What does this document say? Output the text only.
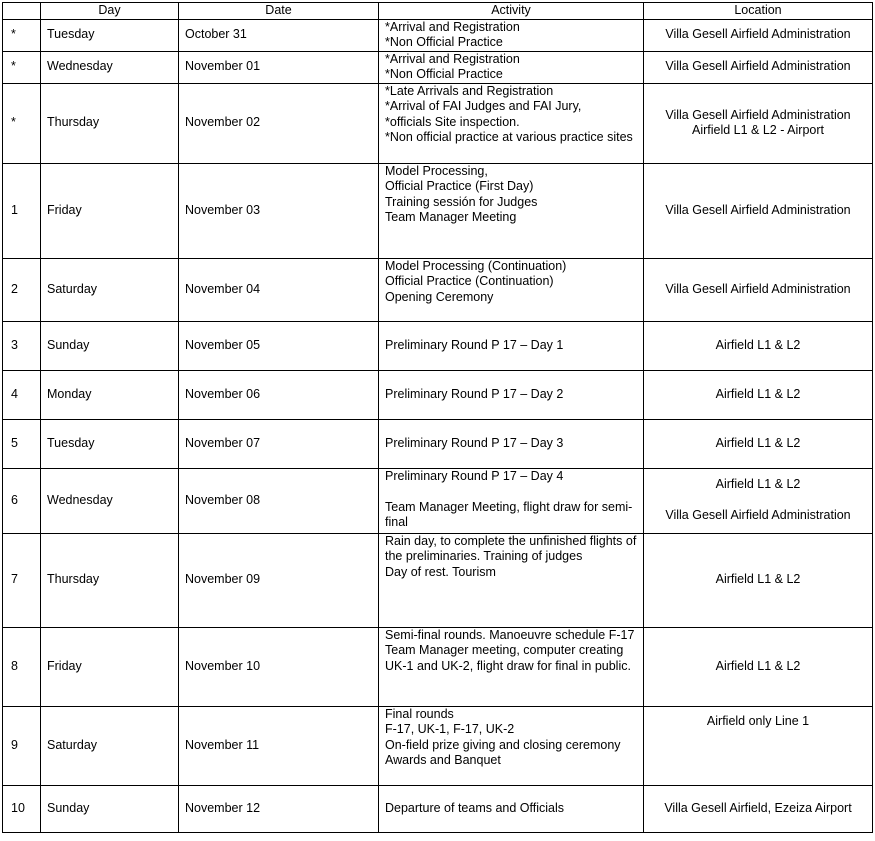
	Day	Date	Activity	Location
*	Tuesday	October 31	*Arrival and Registration
*Non Official Practice	Villa Gesell Airfield Administration
*	Wednesday	November 01	*Arrival and Registration
*Non Official Practice	Villa Gesell Airfield Administration
*	Thursday	November 02	*Late Arrivals and Registration
*Arrival of FAI Judges and FAI Jury,
*officials Site inspection.
*Non official practice at various practice sites	Villa Gesell Airfield Administration
Airfield L1 & L2 - Airport
1	Friday	November 03	Model Processing,
Official Practice (First Day)
Training sessión for Judges
Team Manager Meeting	Villa Gesell Airfield Administration
2	Saturday	November 04	Model Processing (Continuation)
Official Practice (Continuation)
Opening Ceremony	Villa Gesell Airfield Administration
3	Sunday	November 05	Preliminary Round P 17 – Day 1	Airfield L1 & L2
4	Monday	November 06	Preliminary Round P 17 – Day 2	Airfield L1 & L2
5	Tuesday	November 07	Preliminary Round P 17 – Day 3	Airfield L1 & L2
6	Wednesday	November 08	Preliminary Round P 17 – Day 4

Team Manager Meeting, flight draw for semi-final	Airfield L1 & L2

Villa Gesell Airfield Administration
7	Thursday	November 09	Rain day, to complete the unfinished flights of the preliminaries. Training of judges
Day of rest. Tourism	Airfield L1 & L2
8	Friday	November 10	Semi-final rounds. Manoeuvre schedule F-17
Team Manager meeting, computer creating UK-1 and UK-2, flight draw for final in public.	Airfield L1 & L2
9	Saturday	November 11	Final rounds
F-17, UK-1, F-17, UK-2
On-field prize giving and closing ceremony
Awards and Banquet	Airfield only Line 1
10	Sunday	November 12	Departure of teams and Officials	Villa Gesell Airfield, Ezeiza Airport
